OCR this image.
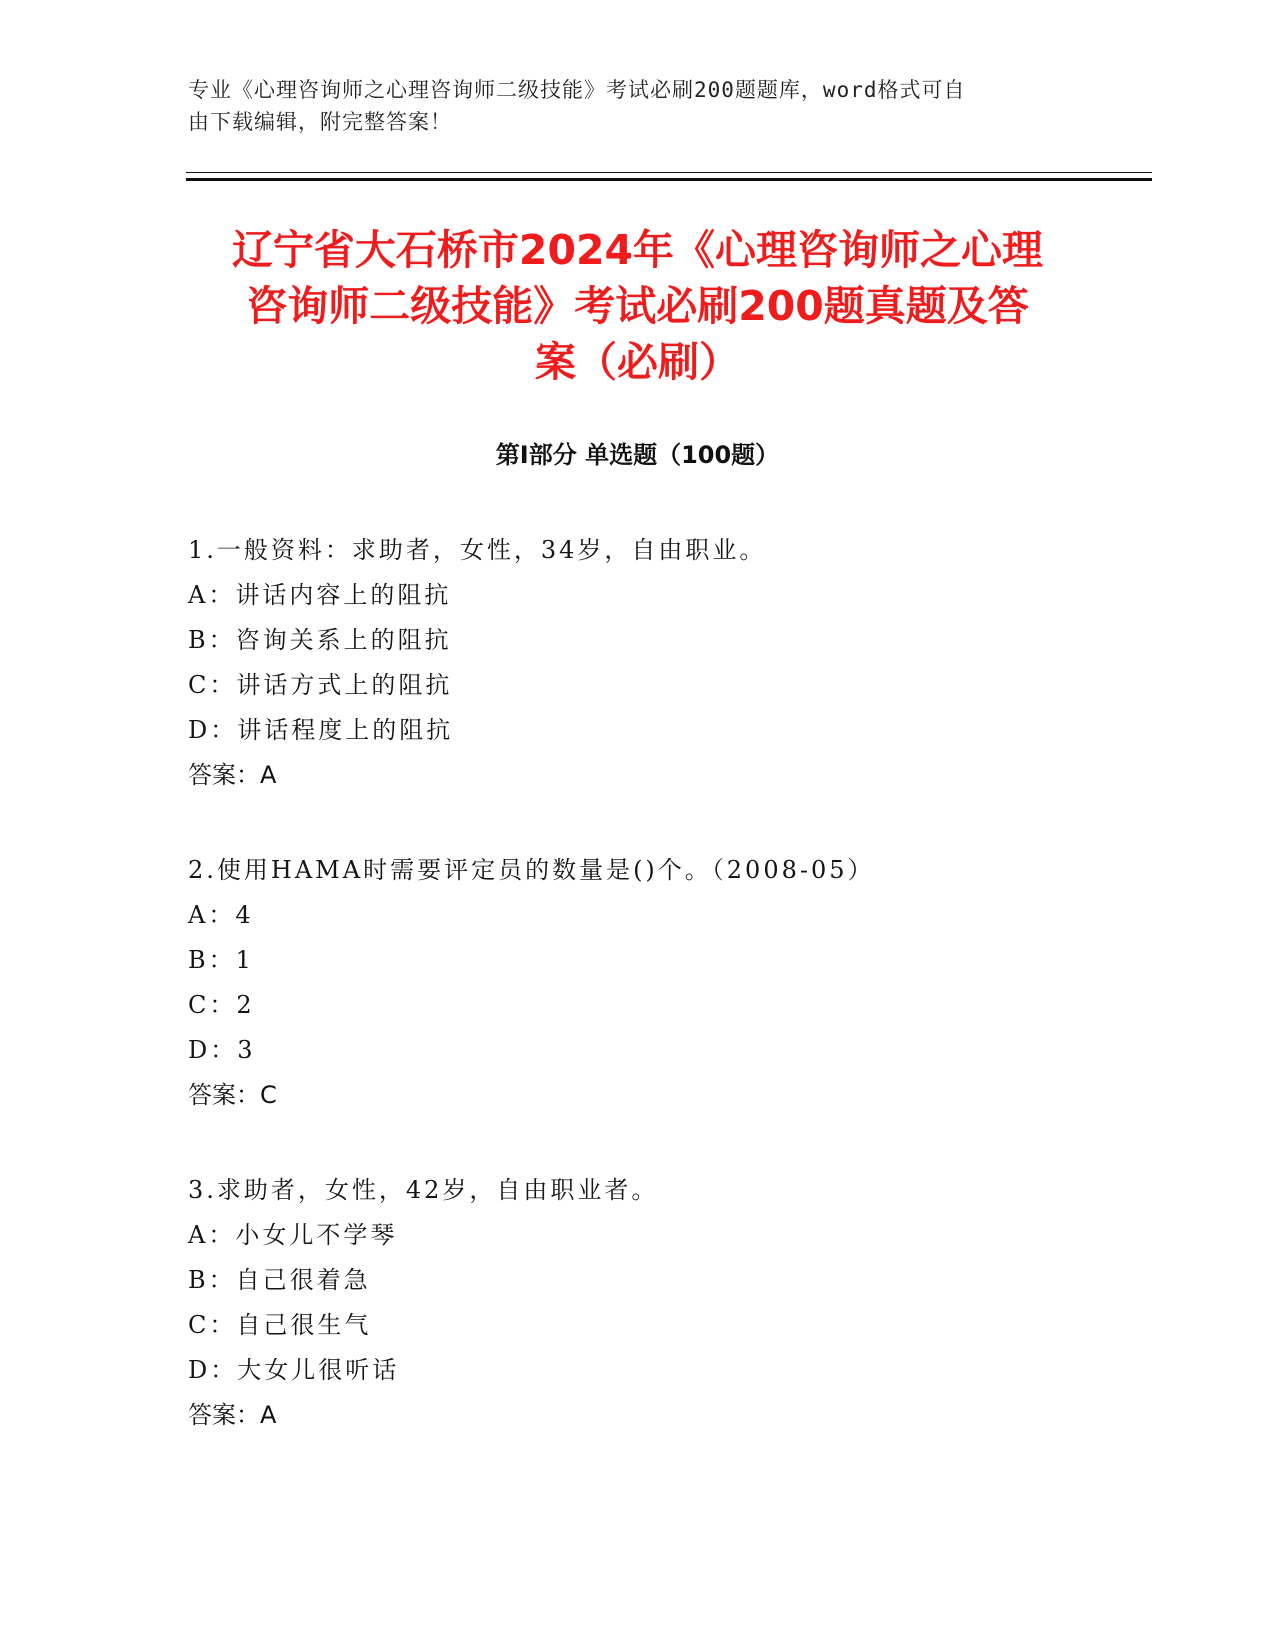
专业《心理咨询师之心理咨询师二级技能》考试必刷200题题库，word格式可自
由下载编辑，附完整答案！
辽宁省大石桥市2024年《心理咨询师之心理
咨询师二级技能》考试必刷200题真题及答
案（必刷）
第I部分 单选题（100题）
1.一般资料：求助者，女性，34岁，自由职业。
A：讲话内容上的阻抗
B：咨询关系上的阻抗
C：讲话方式上的阻抗
D：讲话程度上的阻抗
答案：A
2.使用HAMA时需要评定员的数量是()个。（2008-05）
A：4
B：1
C：2
D：3
答案：C
3.求助者，女性，42岁，自由职业者。
A：小女儿不学琴
B：自己很着急
C：自己很生气
D：大女儿很听话
答案：A
